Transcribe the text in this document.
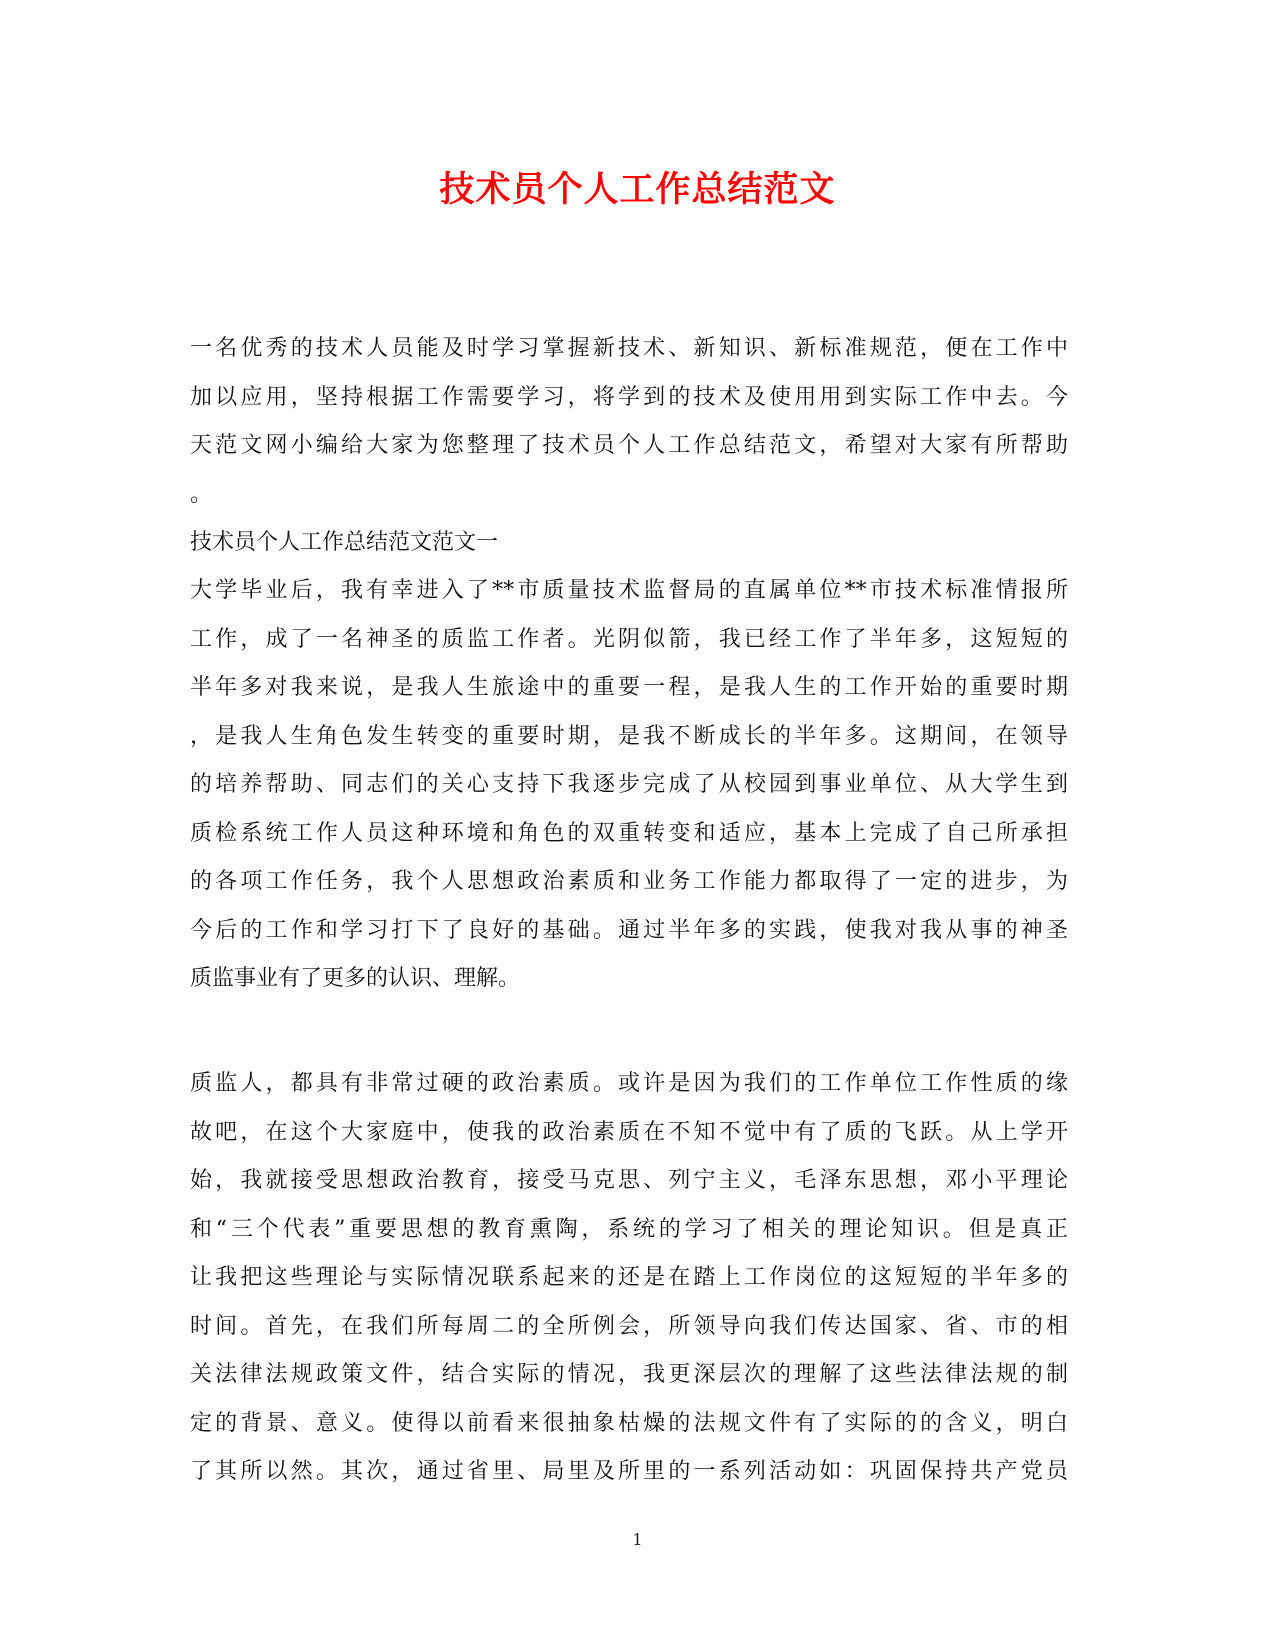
技术员个人工作总结范文
一名优秀的技术人员能及时学习掌握新技术、新知识、新标准规范，便在工作中
加以应用，坚持根据工作需要学习，将学到的技术及使用用到实际工作中去。今
天范文网小编给大家为您整理了技术员个人工作总结范文，希望对大家有所帮助
。
技术员个人工作总结范文范文一
大学毕业后，我有幸进入了**市质量技术监督局的直属单位**市技术标准情报所
工作，成了一名神圣的质监工作者。光阴似箭，我已经工作了半年多，这短短的
半年多对我来说，是我人生旅途中的重要一程，是我人生的工作开始的重要时期
，是我人生角色发生转变的重要时期，是我不断成长的半年多。这期间，在领导
的培养帮助、同志们的关心支持下我逐步完成了从校园到事业单位、从大学生到
质检系统工作人员这种环境和角色的双重转变和适应，基本上完成了自己所承担
的各项工作任务，我个人思想政治素质和业务工作能力都取得了一定的进步，为
今后的工作和学习打下了良好的基础。通过半年多的实践，使我对我从事的神圣
质监事业有了更多的认识、理解。
质监人，都具有非常过硬的政治素质。或许是因为我们的工作单位工作性质的缘
故吧，在这个大家庭中，使我的政治素质在不知不觉中有了质的飞跃。从上学开
始，我就接受思想政治教育，接受马克思、列宁主义，毛泽东思想，邓小平理论
和“三个代表”重要思想的教育熏陶，系统的学习了相关的理论知识。但是真正
让我把这些理论与实际情况联系起来的还是在踏上工作岗位的这短短的半年多的
时间。首先，在我们所每周二的全所例会，所领导向我们传达国家、省、市的相
关法律法规政策文件，结合实际的情况，我更深层次的理解了这些法律法规的制
定的背景、意义。使得以前看来很抽象枯燥的法规文件有了实际的的含义，明白
了其所以然。其次，通过省里、局里及所里的一系列活动如：巩固保持共产党员
1
